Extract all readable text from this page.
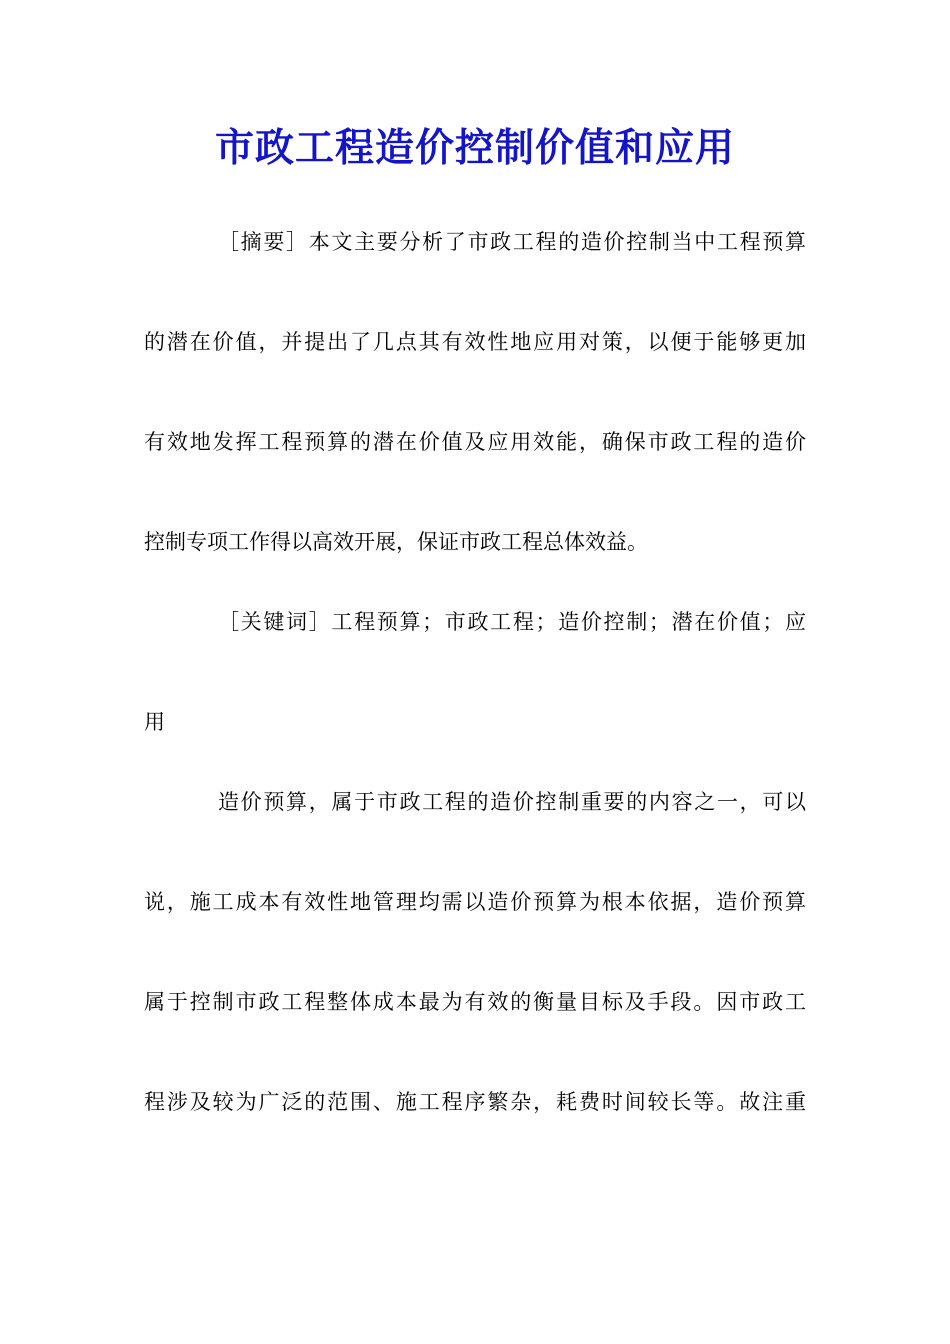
市政工程造价控制价值和应用
［摘要］本文主要分析了市政工程的造价控制当中工程预算
的潜在价值，并提出了几点其有效性地应用对策，以便于能够更加
有效地发挥工程预算的潜在价值及应用效能，确保市政工程的造价
控制专项工作得以高效开展，保证市政工程总体效益。
［关键词］工程预算；市政工程；造价控制；潜在价值；应
用
造价预算，属于市政工程的造价控制重要的内容之一，可以
说，施工成本有效性地管理均需以造价预算为根本依据，造价预算
属于控制市政工程整体成本最为有效的衡量目标及手段。因市政工
程涉及较为广泛的范围、施工程序繁杂，耗费时间较长等。故注重
